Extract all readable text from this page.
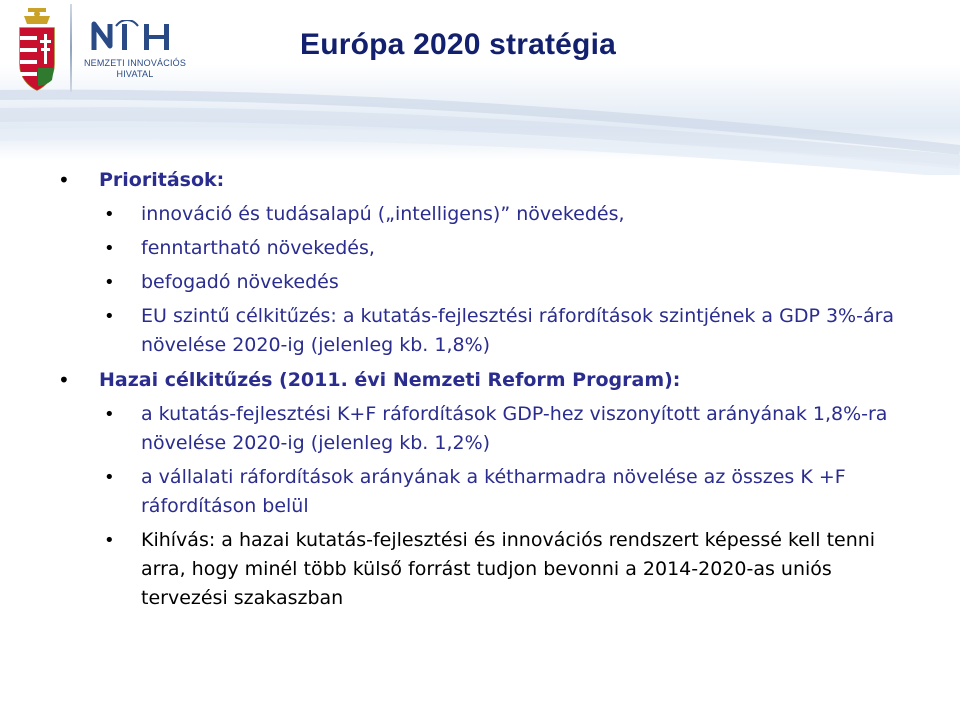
NEMZETI INNOVÁCIÓS
HIVATAL
Európa 2020 stratégia
• Prioritások:
• innováció és tudásalapú („intelligens)” növekedés,
• fenntartható növekedés,
• befogadó növekedés
• EU szintű célkitűzés: a kutatás-fejlesztési ráfordítások szintjének a GDP 3%-ára növelése 2020-ig (jelenleg kb. 1,8%)
• Hazai célkitűzés (2011. évi Nemzeti Reform Program):
• a kutatás-fejlesztési K+F ráfordítások GDP-hez viszonyított arányának 1,8%-ra növelése 2020-ig (jelenleg kb. 1,2%)
• a vállalati ráfordítások arányának a kétharmadra növelése az összes K +F ráfordításon belül
• Kihívás: a hazai kutatás-fejlesztési és innovációs rendszert képessé kell tenni arra, hogy minél több külső forrást tudjon bevonni a 2014-2020-as uniós tervezési szakaszban
